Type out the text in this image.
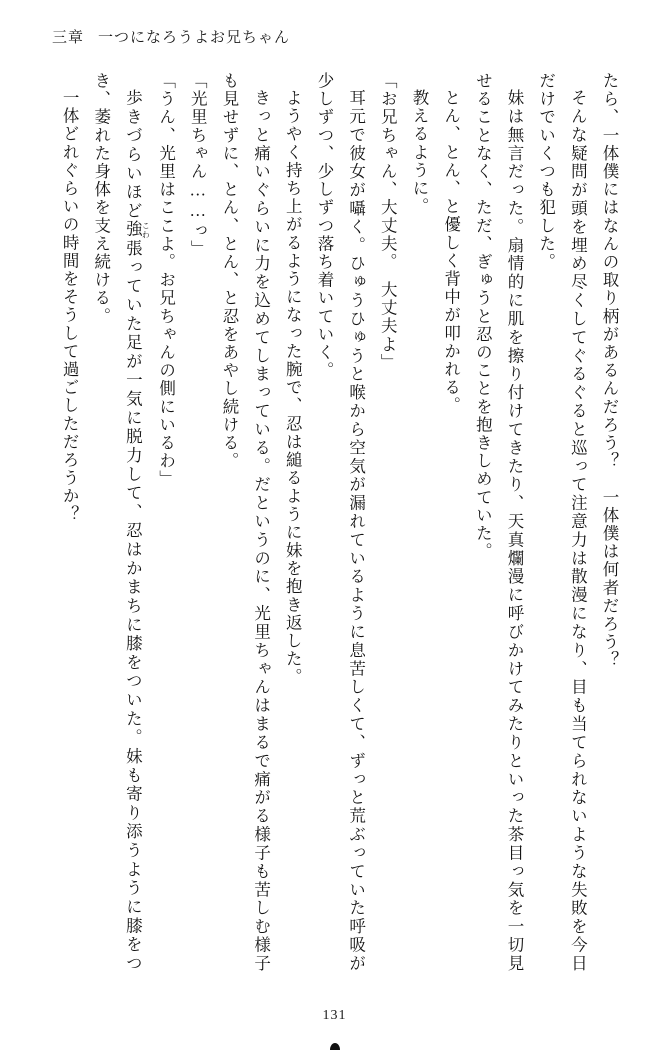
三章 一つになろうよお兄ちゃん

たら、一体僕にはなんの取り柄があるんだろう？　一体僕は何者だろう？

そんな疑問が頭を埋め尽くしてぐるぐると巡って注意力は散漫になり、目も当てられないような失敗を今日だけでいくつも犯した。

妹は無言だった。扇情的に肌を擦り付けてきたり、天真爛漫に呼びかけてみたりといった茶目っ気を一切見せることなく、ただ、ぎゅうと忍のことを抱きしめていた。

とん、とん、と優しく背中が叩かれる。

教えるように。

「お兄ちゃん、大丈夫。　大丈夫よ」

耳元で彼女が囁く。ひゅうひゅうと喉から空気が漏れているように息苦しくて、ずっと荒ぶっていた呼吸が少しずつ、少しずつ落ち着いていく。

ようやく持ち上がるようになった腕で、忍は縋るように妹を抱き返した。

きっと痛いぐらいに力を込めてしまっている。だというのに、光里ちゃんはまるで痛がる様子も苦しむ様子も見せずに、とん、とん、と忍をあやし続ける。

「光里ちゃん……っ」

「うん、光里はここよ。お兄ちゃんの側にいるわ」

歩きづらいほど強 こわ張っていた足が一気に脱力して、忍はかまちに膝をついた。妹も寄り添うように膝をつき、萎れた身体を支え続ける。

一体どれぐらいの時間をそうして過ごしただろうか？

131
